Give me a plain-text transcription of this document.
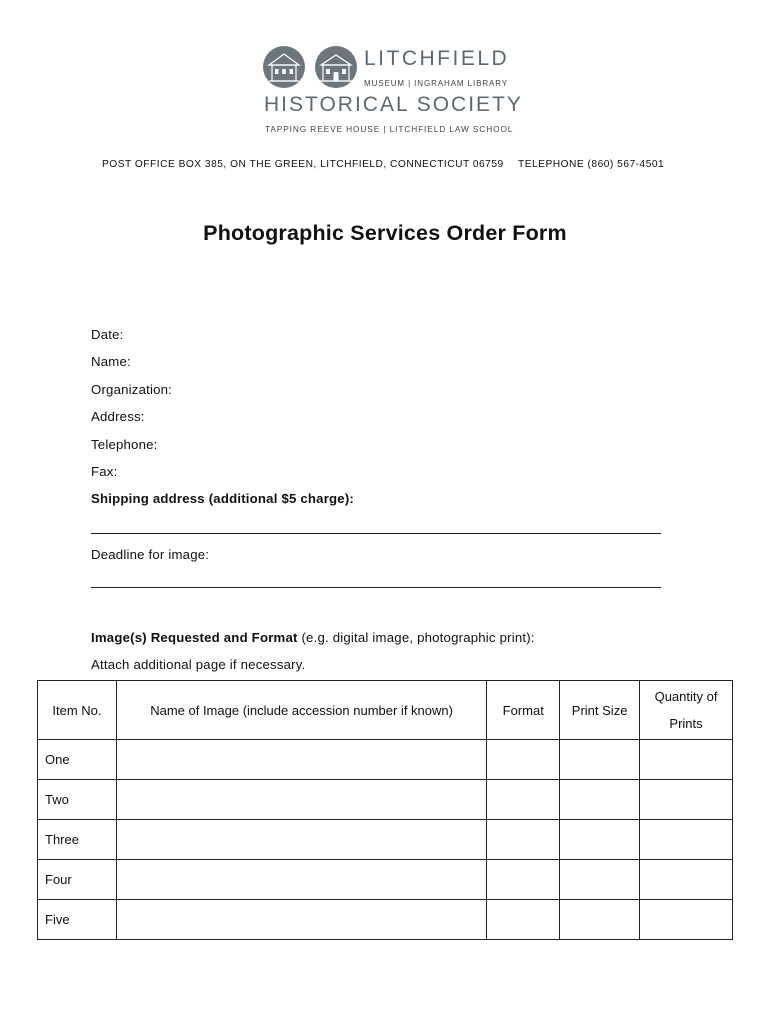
LITCHFIELD
MUSEUM | INGRAHAM LIBRARY
HISTORICAL SOCIETY
TAPPING REEVE HOUSE | LITCHFIELD LAW SCHOOL
POST OFFICE BOX 385, ON THE GREEN, LITCHFIELD, CONNECTICUT 06759 TELEPHONE (860) 567-4501
Photographic Services Order Form
Date:
Name:
Organization:
Address:
Telephone:
Fax:
Shipping address (additional $5 charge):
Deadline for image:
Image(s) Requested and Format (e.g. digital image, photographic print):
Attach additional page if necessary.
Item No.	Name of Image (include accession number if known)	Format	Print Size	Quantity of
Prints

One				
Two				
Three				
Four				
Five				
